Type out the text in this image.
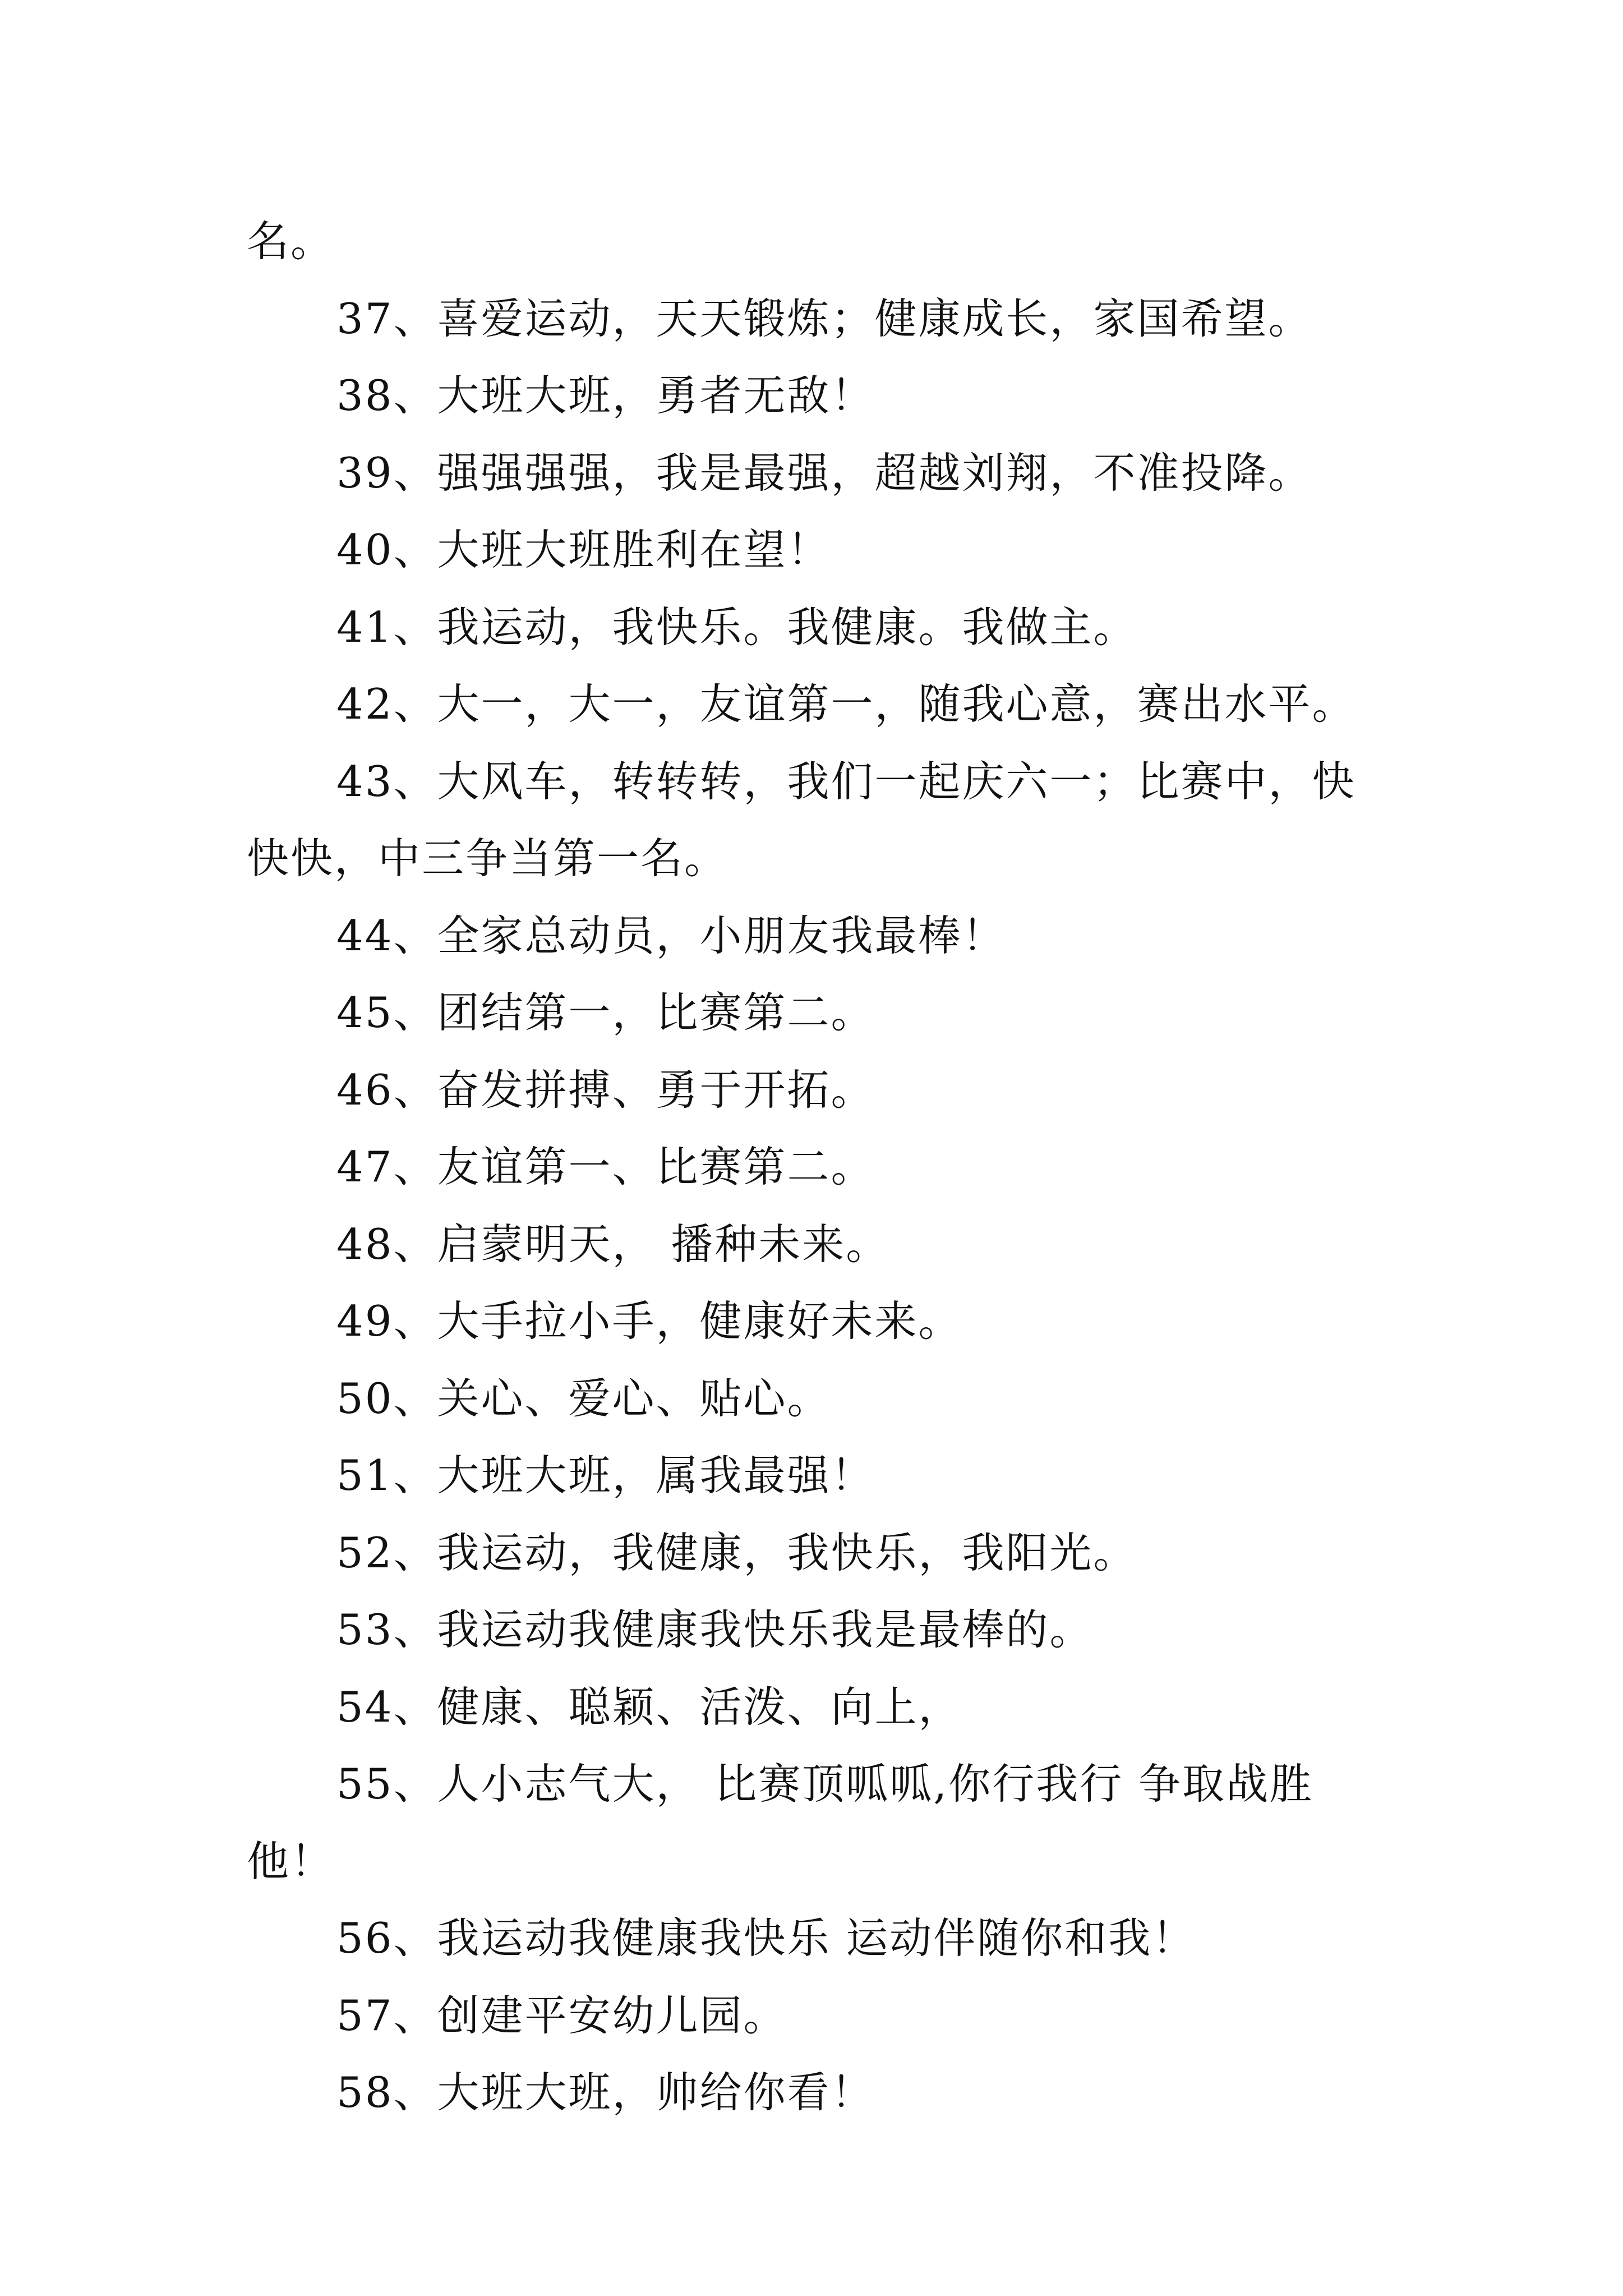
名。

37、喜爱运动，天天锻炼；健康成长，家国希望。

38、大班大班，勇者无敌！

39、强强强强，我是最强，超越刘翔，不准投降。

40、大班大班胜利在望！

41、我运动，我快乐。我健康。我做主。

42、大一，大一，友谊第一，随我心意，赛出水平。

43、大风车，转转转，我们一起庆六一；比赛中，快快快，中三争当第一名。

44、全家总动员，小朋友我最棒！

45、团结第一，比赛第二。

46、奋发拼搏、勇于开拓。

47、友谊第一、比赛第二。

48、启蒙明天， 播种未来。

49、大手拉小手，健康好未来。

50、关心、爱心、贴心。

51、大班大班，属我最强！

52、我运动，我健康，我快乐，我阳光。

53、我运动我健康我快乐我是最棒的。

54、健康、聪颖、活泼、向上，

55、人小志气大， 比赛顶呱呱,你行我行 争取战胜他！

56、我运动我健康我快乐 运动伴随你和我！

57、创建平安幼儿园。

58、大班大班，帅给你看！
